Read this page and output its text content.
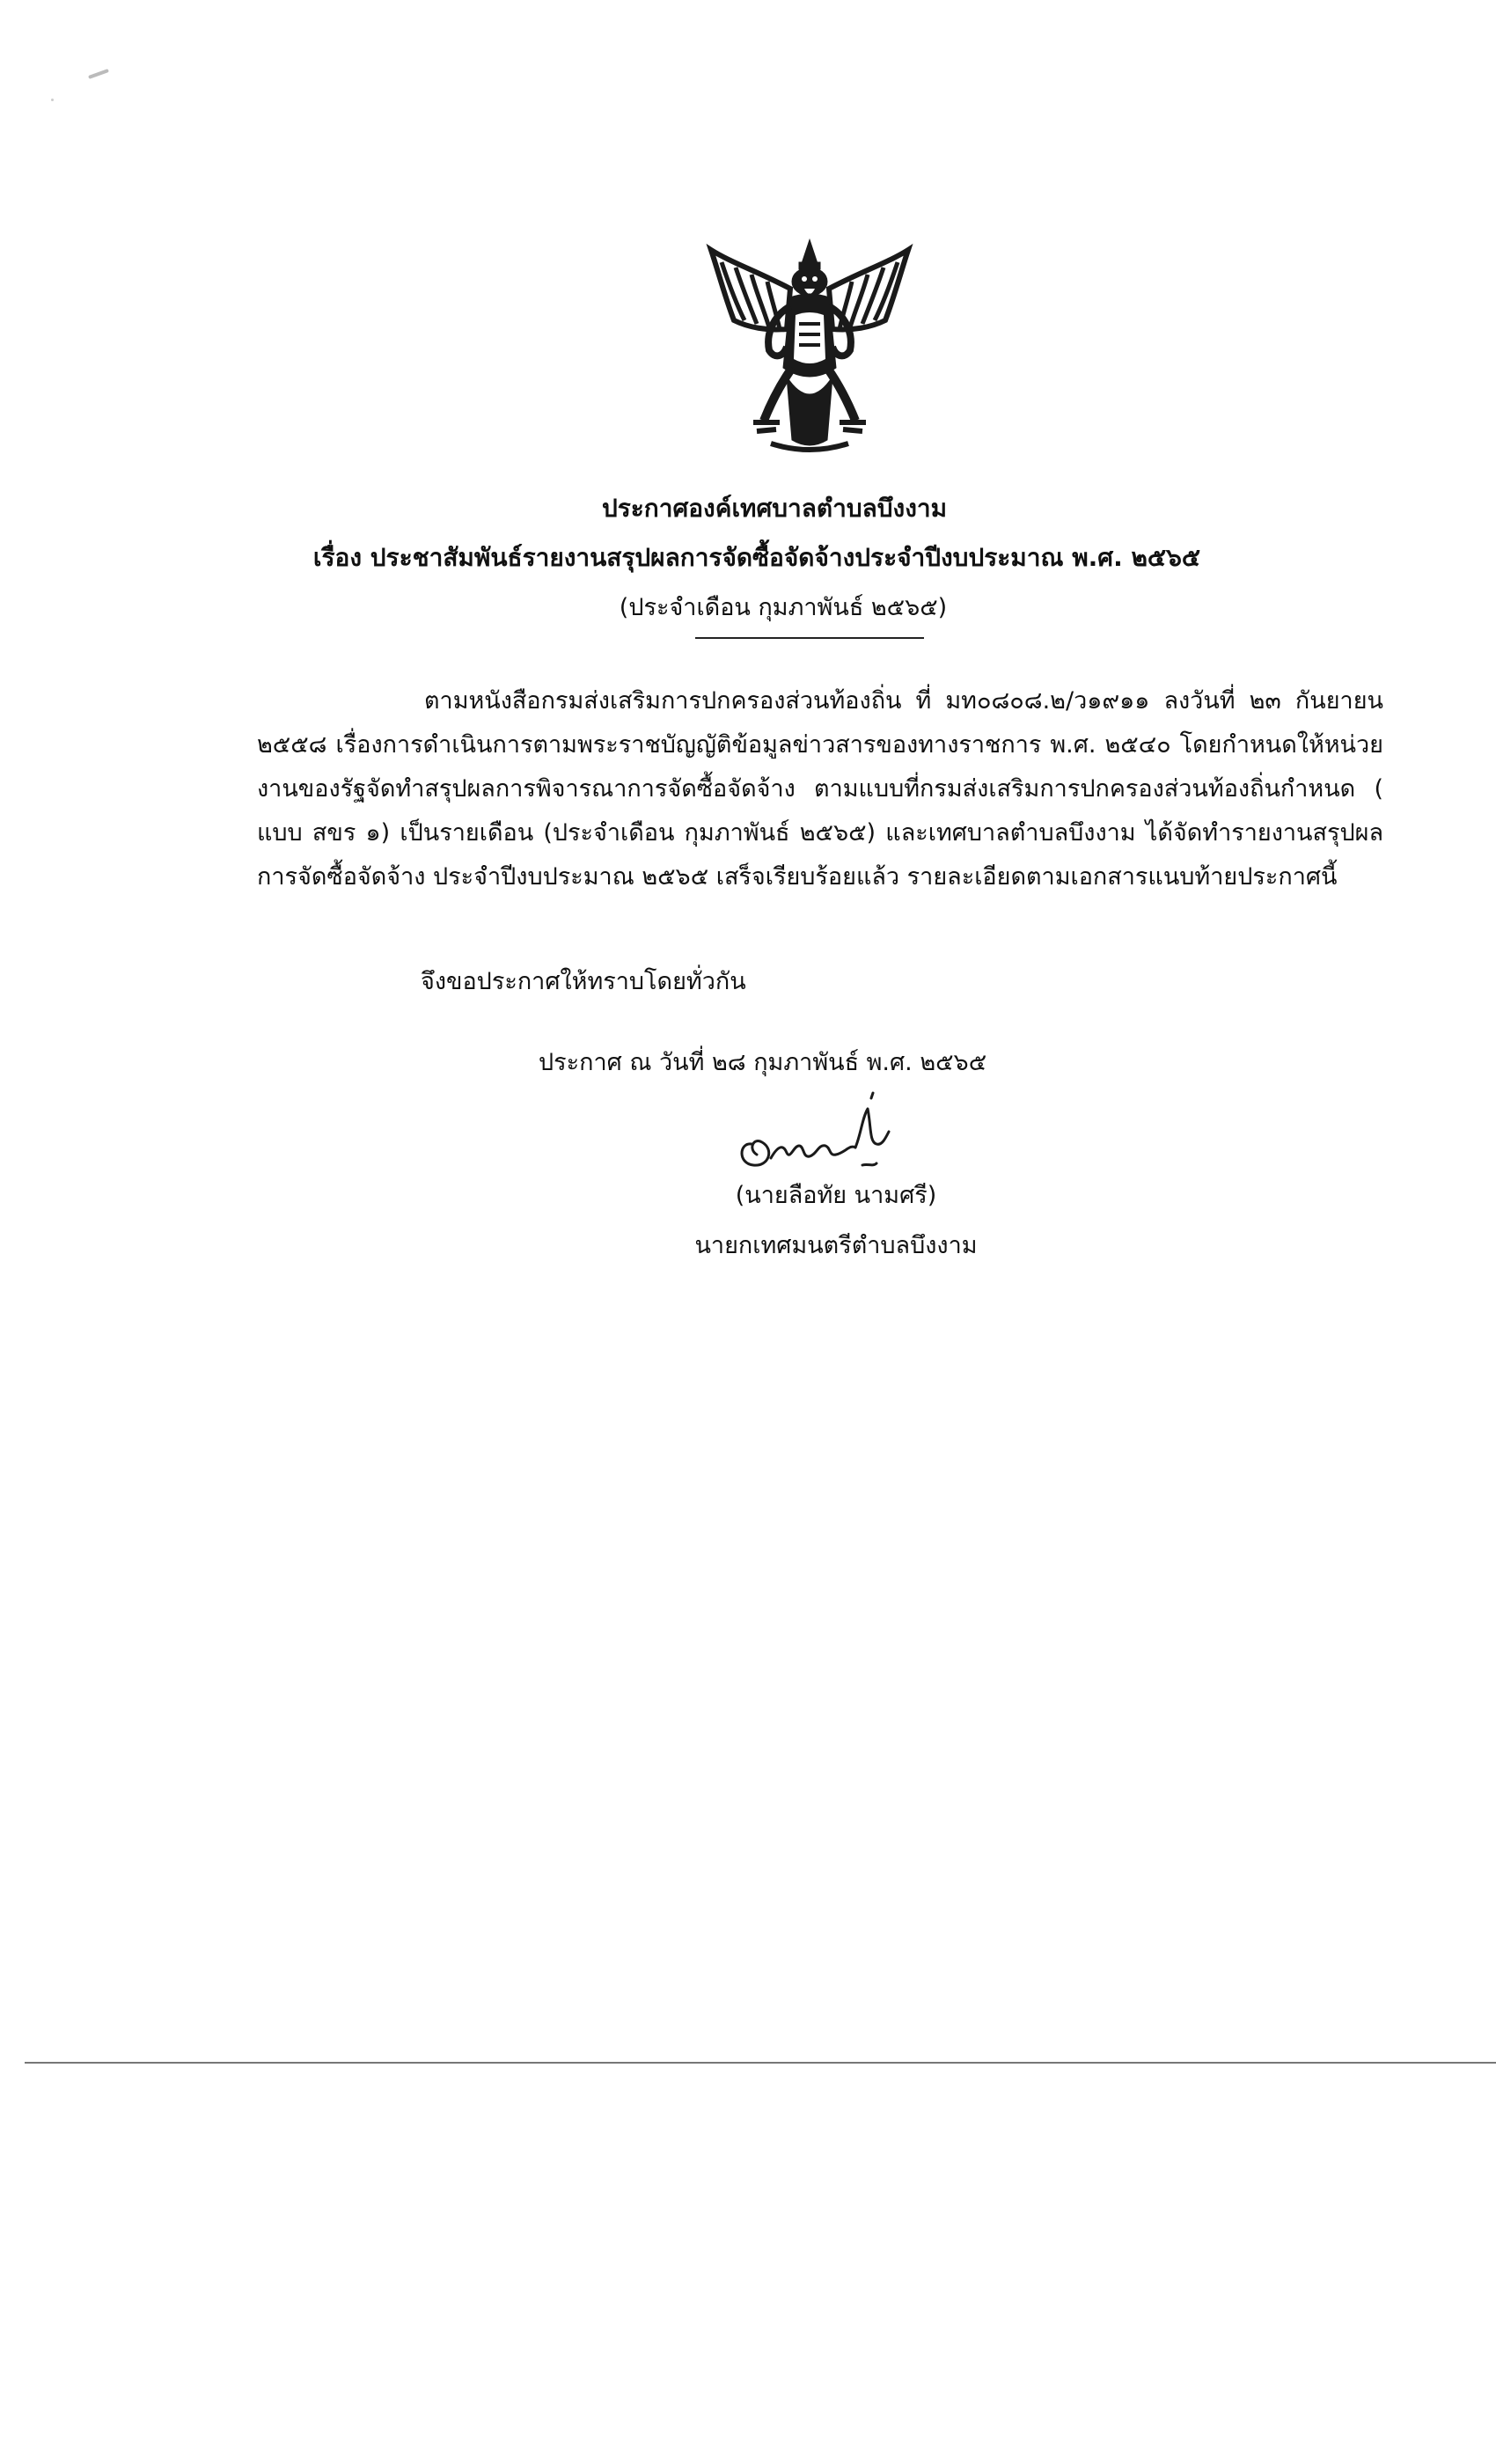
ประกาศองค์เทศบาลตำบลบึงงาม
เรื่อง ประชาสัมพันธ์รายงานสรุปผลการจัดซื้อจัดจ้างประจำปีงบประมาณ พ.ศ. ๒๕๖๕
(ประจำเดือน กุมภาพันธ์ ๒๕๖๕)
ตามหนังสือกรมส่งเสริมการปกครองส่วนท้องถิ่น ที่ มท๐๘๐๘.๒/ว๑๙๑๑ ลงวันที่ ๒๓ กันยายน ๒๕๕๘ เรื่องการดำเนินการตามพระราชบัญญัติข้อมูลข่าวสารของทางราชการ พ.ศ. ๒๕๔๐ โดยกำหนดให้หน่วยงานของรัฐจัดทำสรุปผลการพิจารณาการจัดซื้อจัดจ้าง ตามแบบที่กรมส่งเสริมการปกครองส่วนท้องถิ่นกำหนด ( แบบ สขร ๑) เป็นรายเดือน (ประจำเดือน กุมภาพันธ์ ๒๕๖๕) และเทศบาลตำบลบึงงาม ได้จัดทำรายงานสรุปผลการจัดซื้อจัดจ้าง ประจำปีงบประมาณ ๒๕๖๕ เสร็จเรียบร้อยแล้ว รายละเอียดตามเอกสารแนบท้ายประกาศนี้
จึงขอประกาศให้ทราบโดยทั่วกัน
ประกาศ ณ วันที่ ๒๘ กุมภาพันธ์ พ.ศ. ๒๕๖๕
(นายลือทัย นามศรี)
นายกเทศมนตรีตำบลบึงงาม
